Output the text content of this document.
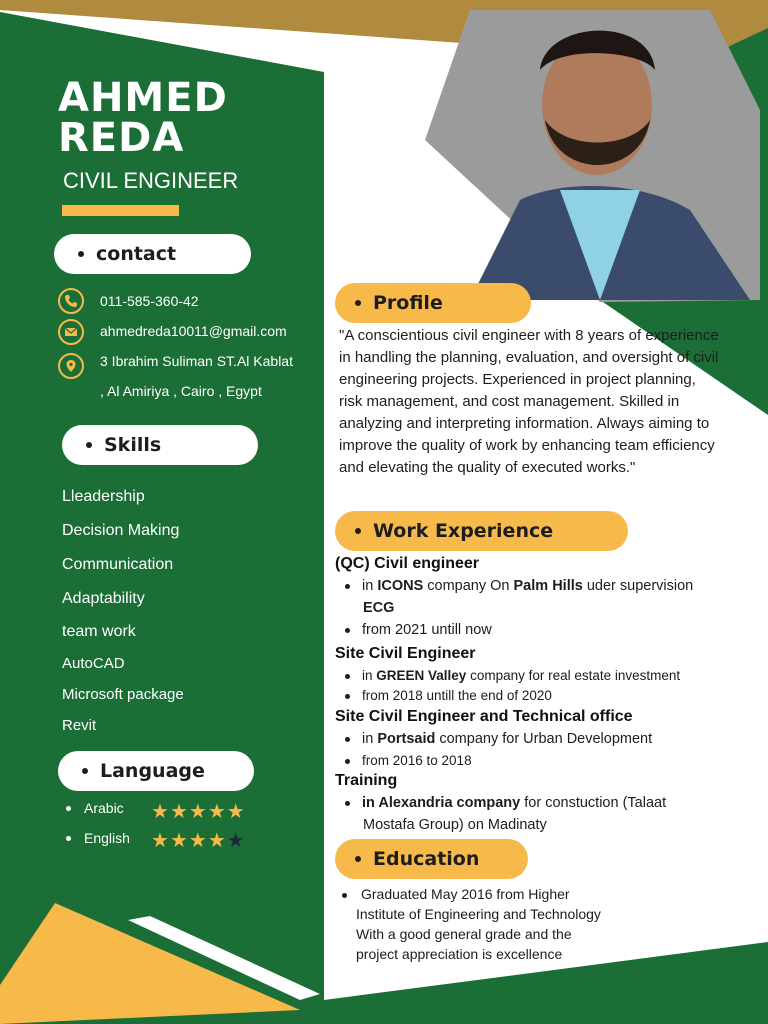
AHMED
REDA
CIVIL ENGINEER
contact
011-585-360-42
ahmedreda10011@gmail.com
3 Ibrahim Suliman ST.Al Kablat
, Al Amiriya , Cairo , Egypt
Skills
Lleadership
Decision Making
Communication
Adaptability
team work
AutoCAD
Microsoft package
Revit
Language
Arabic ★★★★★
English ★★★★★
Profile
"A conscientious civil engineer with 8 years of experience in handling the planning, evaluation, and oversight of civil engineering projects. Experienced in project planning, risk management, and cost management. Skilled in analyzing and interpreting information. Always aiming to improve the quality of work by enhancing team efficiency and elevating the quality of executed works."
Work Experience
(QC) Civil engineer
in ICONS company On Palm Hills uder supervision
ECG
from 2021 untill now
Site Civil Engineer
in GREEN Valley company for real estate investment
from 2018 untill the end of 2020
Site Civil Engineer and Technical office
in Portsaid company for Urban Development
from 2016 to 2018
Training
in Alexandria company for constuction (Talaat
Mostafa Group) on Madinaty
Education
Graduated May 2016 from Higher
Institute of Engineering and Technology
With a good general grade and the
project appreciation is excellence
